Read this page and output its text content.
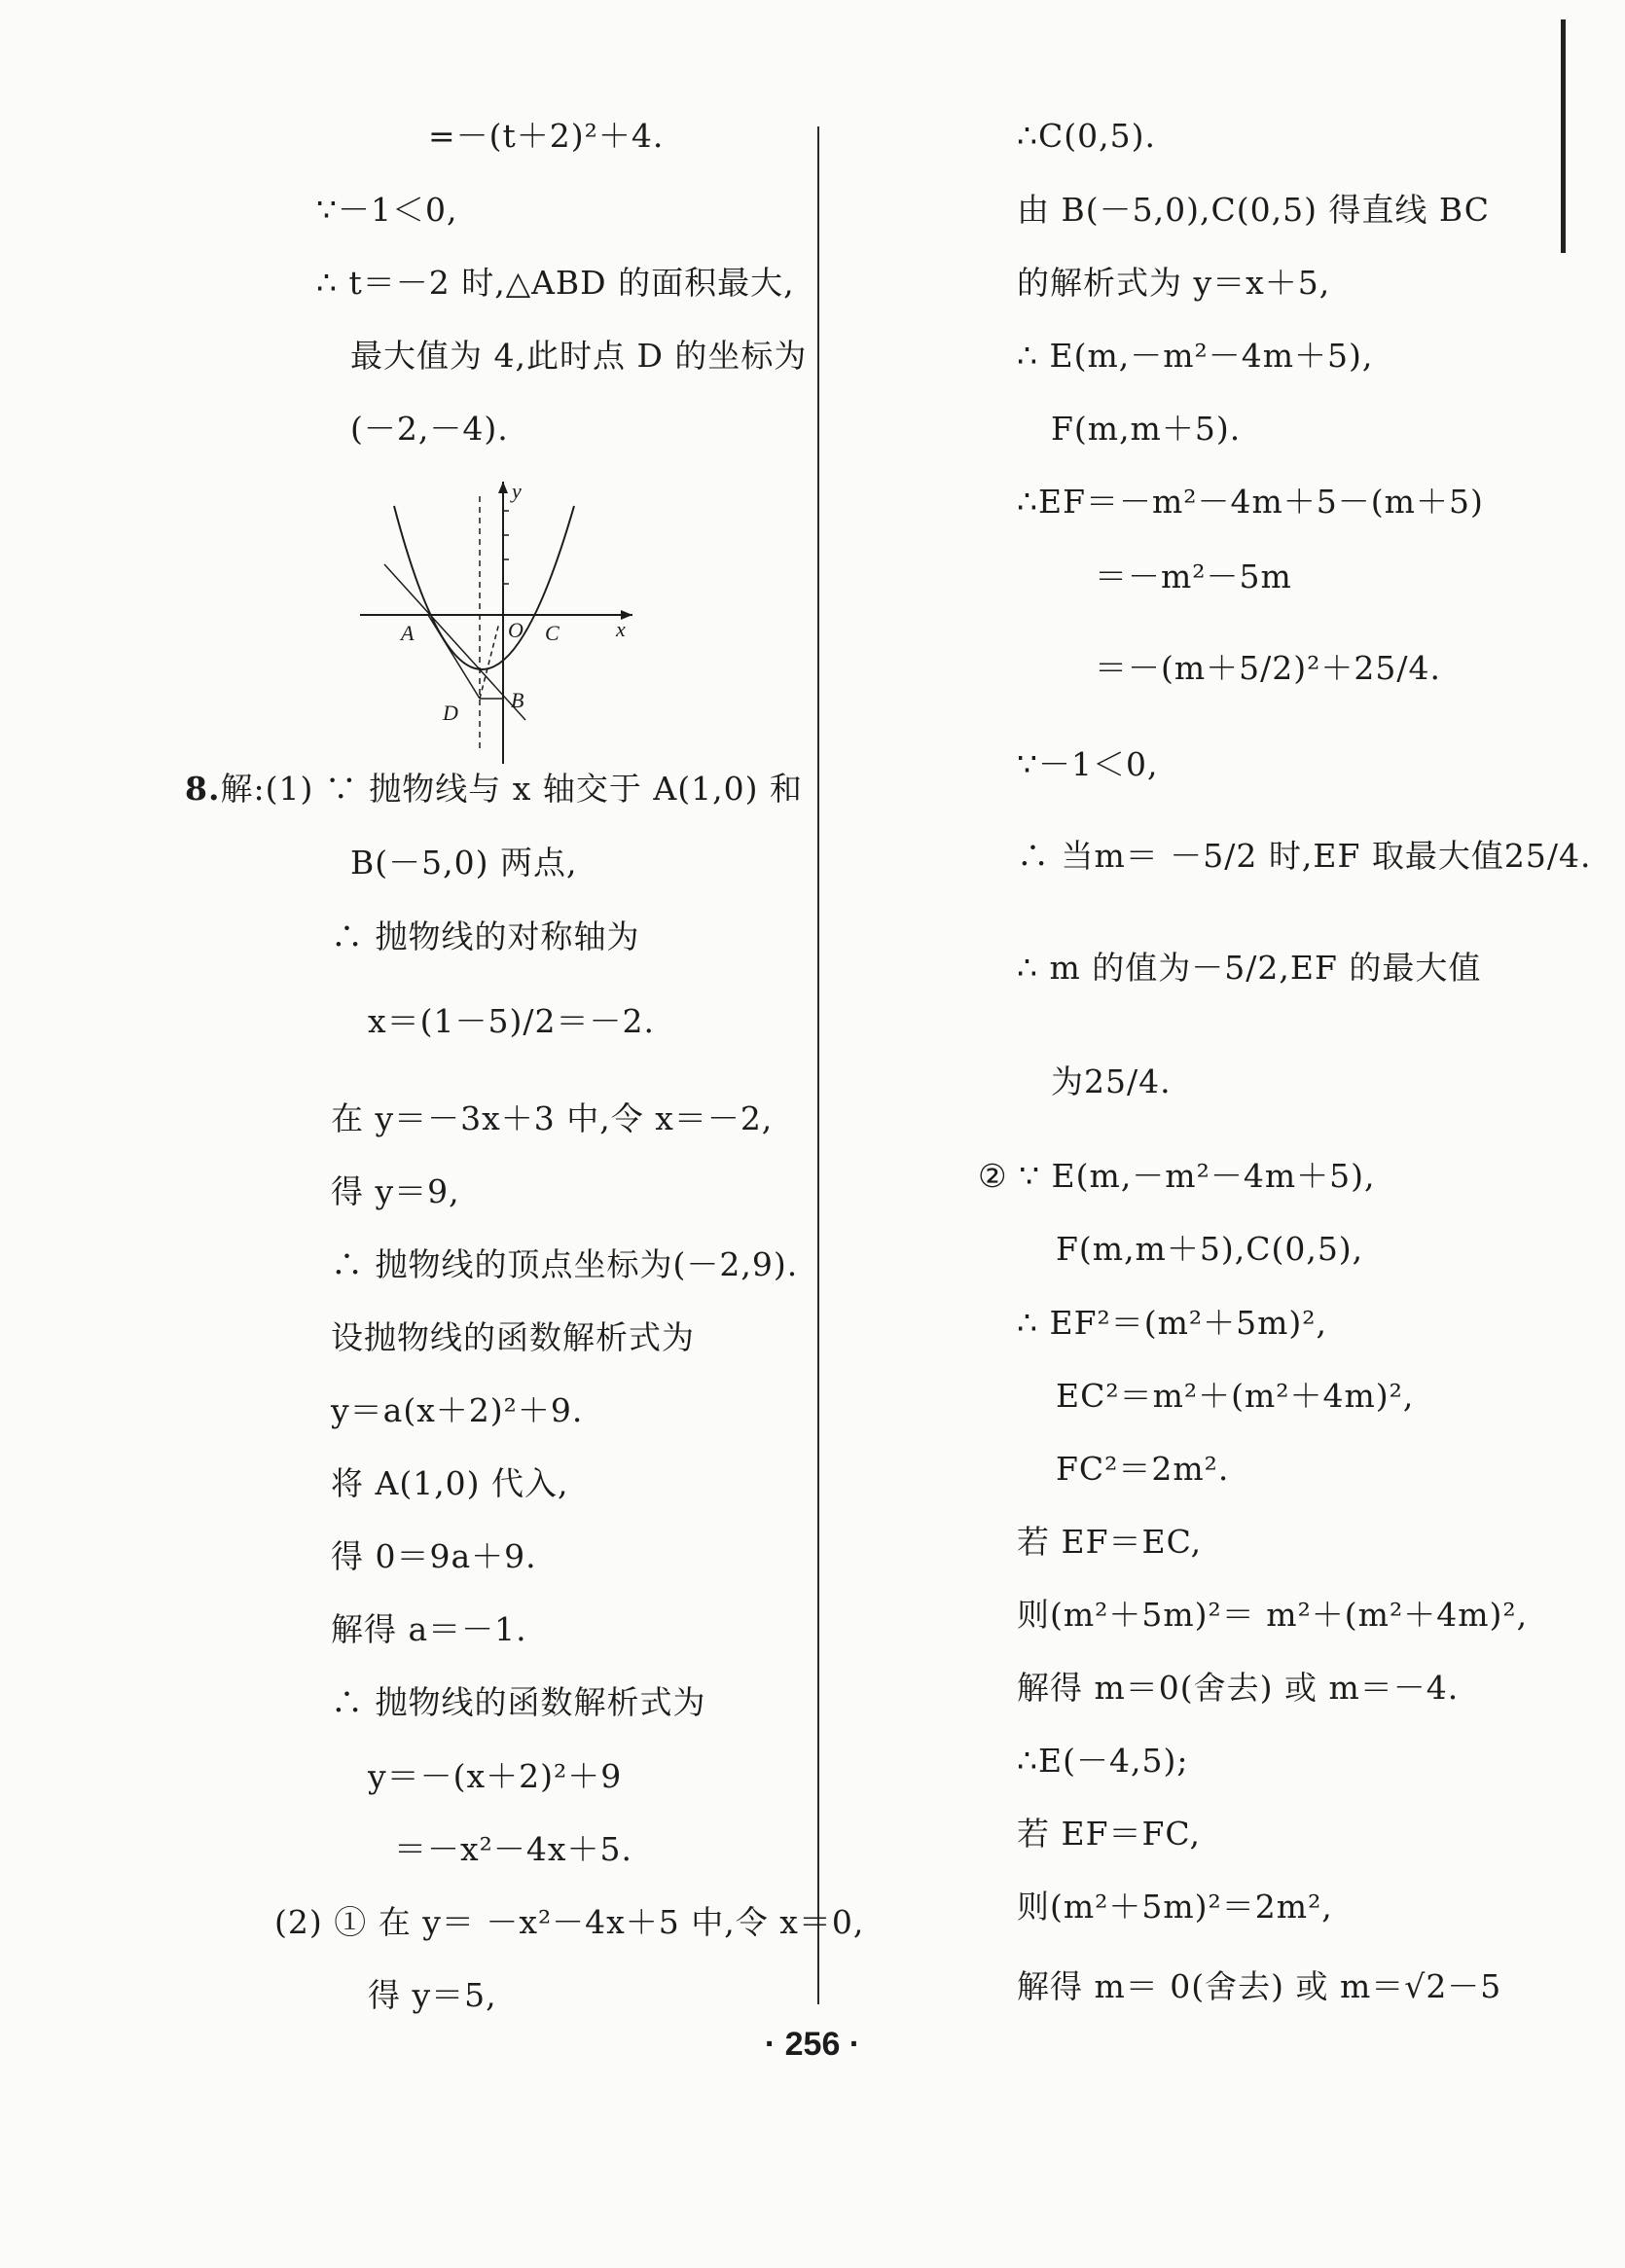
=－(t＋2)²＋4.
∵－1＜0,
∴ t＝－2 时,△ABD 的面积最大,
最大值为 4,此时点 D 的坐标为
(－2,－4).
y
x
O
A	C
D
B
8.解:(1) ∵ 抛物线与 x 轴交于 A(1,0) 和
B(－5,0) 两点,
∴ 抛物线的对称轴为
x＝(1－5)/2＝－2.
在 y＝－3x＋3 中,令 x＝－2,
得 y＝9,
∴ 抛物线的顶点坐标为(－2,9).
设抛物线的函数解析式为
y＝a(x＋2)²＋9.
将 A(1,0) 代入,
得 0＝9a＋9.
解得 a＝－1.
∴ 抛物线的函数解析式为
y＝－(x＋2)²＋9
＝－x²－4x＋5.
(2) ① 在 y＝ －x²－4x＋5 中,令 x＝0,
得 y＝5,
∴C(0,5).
由 B(－5,0),C(0,5) 得直线 BC
的解析式为 y＝x＋5,
∴ E(m,－m²－4m＋5),
F(m,m＋5).
∴EF＝－m²－4m＋5－(m＋5)
＝－m²－5m
＝－(m＋5/2)²＋25/4.
∵－1＜0,
∴ 当m＝ －5/2 时,EF 取最大值25/4.
∴ m 的值为－5/2,EF 的最大值
为25/4.
② ∵ E(m,－m²－4m＋5),
F(m,m＋5),C(0,5),
∴ EF²＝(m²＋5m)²,
EC²＝m²＋(m²＋4m)²,
FC²＝2m².
若 EF＝EC,
则(m²＋5m)²＝ m²＋(m²＋4m)²,
解得 m＝0(舍去) 或 m＝－4.
∴E(－4,5);
若 EF＝FC,
则(m²＋5m)²＝2m²,
解得 m＝ 0(舍去) 或 m＝√2－5
· 256 ·
